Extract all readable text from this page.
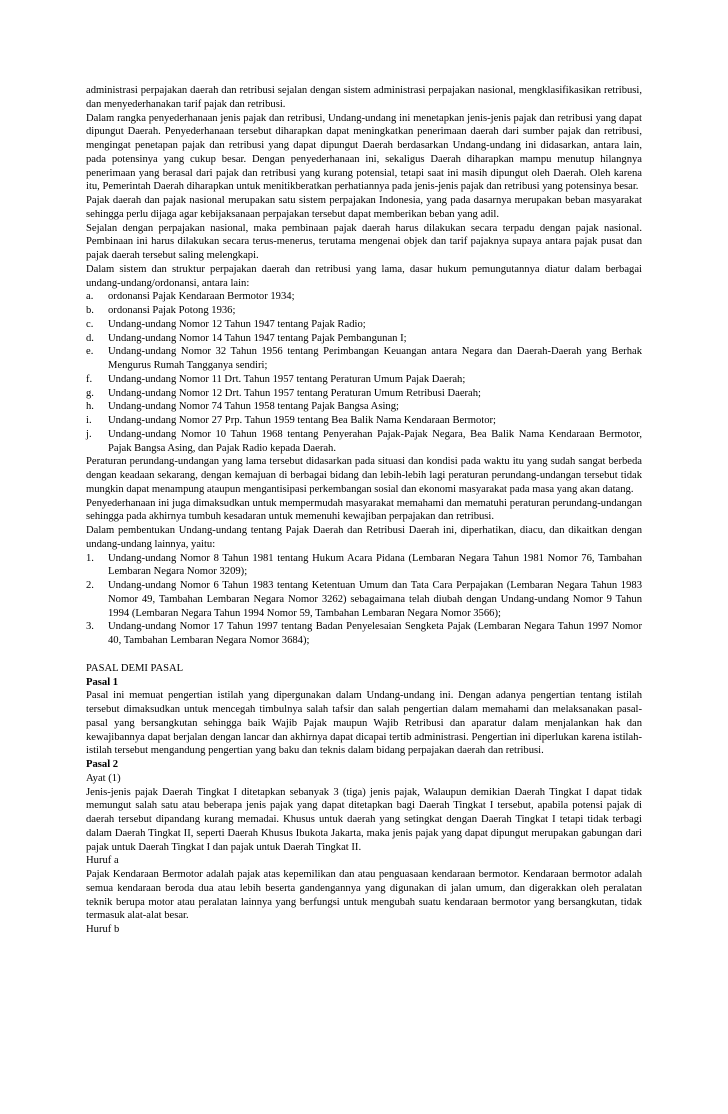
administrasi perpajakan daerah dan retribusi sejalan dengan sistem administrasi perpajakan nasional, mengklasifikasikan retribusi, dan menyederhanakan tarif pajak dan retribusi.

Dalam rangka penyederhanaan jenis pajak dan retribusi, Undang-undang ini menetapkan jenis-jenis pajak dan retribusi yang dapat dipungut Daerah. Penyederhanaan tersebut diharapkan dapat meningkatkan penerimaan daerah dari sumber pajak dan retribusi, mengingat penetapan pajak dan retribusi yang dapat dipungut Daerah berdasarkan Undang-undang ini didasarkan, antara lain, pada potensinya yang cukup besar. Dengan penyederhanaan ini, sekaligus Daerah diharapkan mampu menutup hilangnya penerimaan yang berasal dari pajak dan retribusi yang kurang potensial, tetapi saat ini masih dipungut oleh Daerah. Oleh karena itu, Pemerintah Daerah diharapkan untuk menitikberatkan perhatiannya pada jenis-jenis pajak dan retribusi yang potensinya besar.

Pajak daerah dan pajak nasional merupakan satu sistem perpajakan Indonesia, yang pada dasarnya merupakan beban masyarakat sehingga perlu dijaga agar kebijaksanaan perpajakan tersebut dapat memberikan beban yang adil.

Sejalan dengan perpajakan nasional, maka pembinaan pajak daerah harus dilakukan secara terpadu dengan pajak nasional. Pembinaan ini harus dilakukan secara terus-menerus, terutama mengenai objek dan tarif pajaknya supaya antara pajak pusat dan pajak daerah tersebut saling melengkapi.

Dalam sistem dan struktur perpajakan daerah dan retribusi yang lama, dasar hukum pemungutannya diatur dalam berbagai undang-undang/ordonansi, antara lain:

a.	ordonansi Pajak Kendaraan Bermotor 1934;
b.	ordonansi Pajak Potong 1936;
c.	Undang-undang Nomor 12 Tahun 1947 tentang Pajak Radio;
d.	Undang-undang Nomor 14 Tahun 1947 tentang Pajak Pembangunan I;
e.	Undang-undang Nomor 32 Tahun 1956 tentang Perimbangan Keuangan antara Negara dan Daerah-Daerah yang Berhak Mengurus Rumah Tangganya sendiri;
f.	Undang-undang Nomor 11 Drt. Tahun 1957 tentang Peraturan Umum Pajak Daerah;
g.	Undang-undang Nomor 12 Drt. Tahun 1957 tentang Peraturan Umum Retribusi Daerah;
h.	Undang-undang Nomor 74 Tahun 1958 tentang Pajak Bangsa Asing;
i.	Undang-undang Nomor 27 Prp. Tahun 1959 tentang Bea Balik Nama Kendaraan Bermotor;
j.	Undang-undang Nomor 10 Tahun 1968 tentang Penyerahan Pajak-Pajak Negara, Bea Balik Nama Kendaraan Bermotor, Pajak Bangsa Asing, dan Pajak Radio kepada Daerah.

Peraturan perundang-undangan yang lama tersebut didasarkan pada situasi dan kondisi pada waktu itu yang sudah sangat berbeda dengan keadaan sekarang, dengan kemajuan di berbagai bidang dan lebih-lebih lagi peraturan perundang-undangan tersebut tidak mungkin dapat menampung ataupun mengantisipasi perkembangan sosial dan ekonomi masyarakat pada masa yang akan datang.

Penyederhanaan ini juga dimaksudkan untuk mempermudah masyarakat memahami dan mematuhi peraturan perundang-undangan sehingga pada akhirnya tumbuh kesadaran untuk memenuhi kewajiban perpajakan dan retribusi.

Dalam pembentukan Undang-undang tentang Pajak Daerah dan Retribusi Daerah ini, diperhatikan, diacu, dan dikaitkan dengan undang-undang lainnya, yaitu:

1.	Undang-undang Nomor 8 Tahun 1981 tentang Hukum Acara Pidana (Lembaran Negara Tahun 1981 Nomor 76, Tambahan Lembaran Negara Nomor 3209);
2.	Undang-undang Nomor 6 Tahun 1983 tentang Ketentuan Umum dan Tata Cara Perpajakan (Lembaran Negara Tahun 1983 Nomor 49, Tambahan Lembaran Negara Nomor 3262) sebagaimana telah diubah dengan Undang-undang Nomor 9 Tahun 1994 (Lembaran Negara Tahun 1994 Nomor 59, Tambahan Lembaran Negara Nomor 3566);
3.	Undang-undang Nomor 17 Tahun 1997 tentang Badan Penyelesaian Sengketa Pajak (Lembaran Negara Tahun 1997 Nomor 40, Tambahan Lembaran Negara Nomor 3684);

PASAL DEMI PASAL

Pasal 1

Pasal ini memuat pengertian istilah yang dipergunakan dalam Undang-undang ini. Dengan adanya pengertian tentang istilah tersebut dimaksudkan untuk mencegah timbulnya salah tafsir dan salah pengertian dalam memahami dan melaksanakan pasal-pasal yang bersangkutan sehingga baik Wajib Pajak maupun Wajib Retribusi dan aparatur dalam menjalankan hak dan kewajibannya dapat berjalan dengan lancar dan akhirnya dapat dicapai tertib administrasi. Pengertian ini diperlukan karena istilah-istilah tersebut mengandung pengertian yang baku dan teknis dalam bidang perpajakan daerah dan retribusi.

Pasal 2

Ayat (1)

Jenis-jenis pajak Daerah Tingkat I ditetapkan sebanyak 3 (tiga) jenis pajak, Walaupun demikian Daerah Tingkat I dapat tidak memungut salah satu atau beberapa jenis pajak yang dapat ditetapkan bagi Daerah Tingkat I tersebut, apabila potensi pajak di daerah tersebut dipandang kurang memadai. Khusus untuk daerah yang setingkat dengan Daerah Tingkat I tetapi tidak terbagi dalam Daerah Tingkat II, seperti Daerah Khusus Ibukota Jakarta, maka jenis pajak yang dapat dipungut merupakan gabungan dari pajak untuk Daerah Tingkat I dan pajak untuk Daerah Tingkat II.

Huruf a

Pajak Kendaraan Bermotor adalah pajak atas kepemilikan dan atau penguasaan kendaraan bermotor. Kendaraan bermotor adalah semua kendaraan beroda dua atau lebih beserta gandengannya yang digunakan di jalan umum, dan digerakkan oleh peralatan teknik berupa motor atau peralatan lainnya yang berfungsi untuk mengubah suatu kendaraan bermotor yang bersangkutan, tidak termasuk alat-alat besar.

Huruf b
